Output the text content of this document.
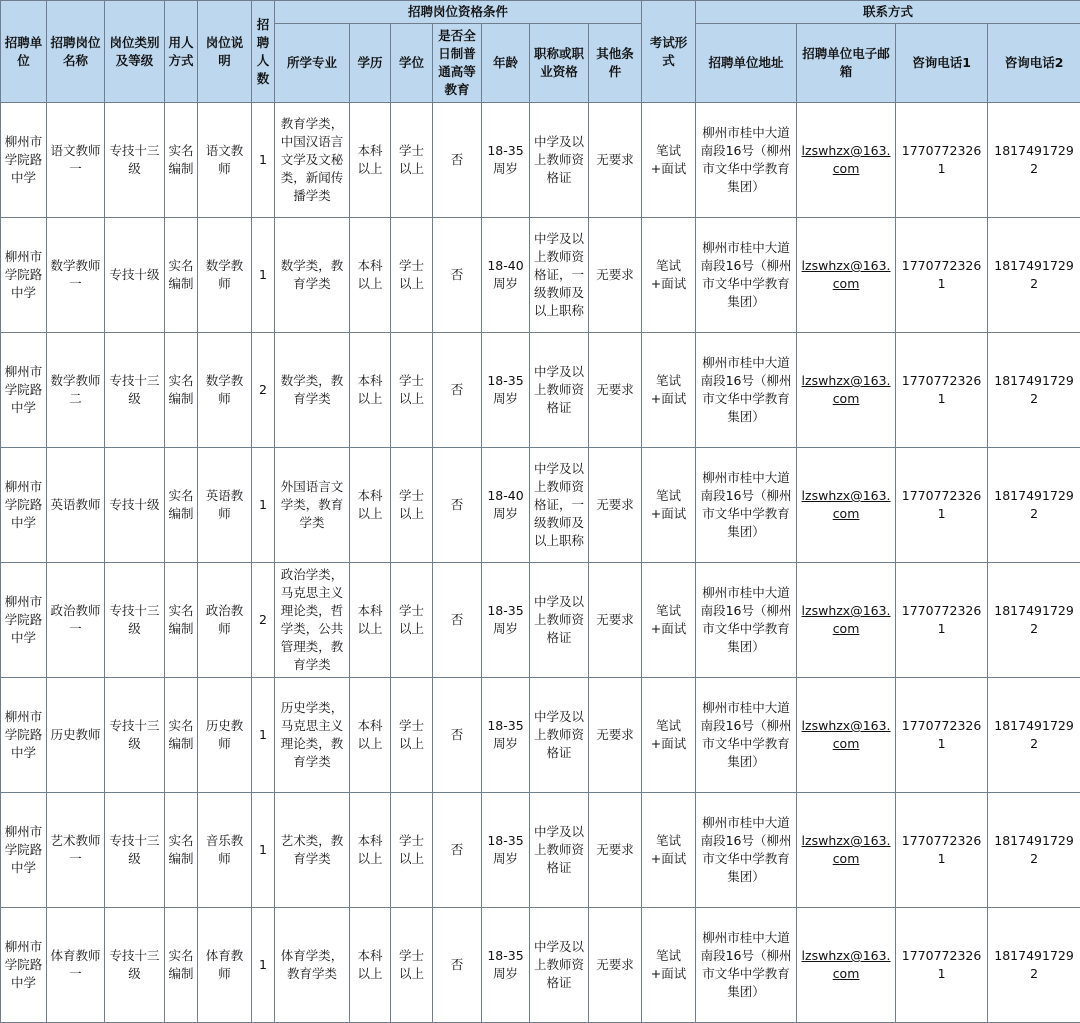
招聘单位	招聘岗位名称	岗位类别及等级	用人方式	岗位说明	招聘人数	招聘岗位资格条件							考试形式	联系方式			
						所学专业	学历	学位	是否全日制普通高等教育	年龄	职称或职业资格	其他条件		招聘单位地址	招聘单位电子邮箱	咨询电话1	咨询电话2
柳州市学院路中学	语文教师一	专技十三级	实名编制	语文教师	1	教育学类，中国汉语言文学及文秘类，新闻传播学类	本科以上	学士以上	否	18-35周岁	中学及以上教师资格证	无要求	笔试+面试	柳州市桂中大道南段16号（柳州市文华中学教育集团）	lzswhzx@163.com	17707723261	18174917292
柳州市学院路中学	数学教师一	专技十级	实名编制	数学教师	1	数学类，教育学类	本科以上	学士以上	否	18-40周岁	中学及以上教师资格证，一级教师及以上职称	无要求	笔试+面试	柳州市桂中大道南段16号（柳州市文华中学教育集团）	lzswhzx@163.com	17707723261	18174917292
柳州市学院路中学	数学教师二	专技十三级	实名编制	数学教师	2	数学类，教育学类	本科以上	学士以上	否	18-35周岁	中学及以上教师资格证	无要求	笔试+面试	柳州市桂中大道南段16号（柳州市文华中学教育集团）	lzswhzx@163.com	17707723261	18174917292
柳州市学院路中学	英语教师	专技十级	实名编制	英语教师	1	外国语言文学类，教育学类	本科以上	学士以上	否	18-40周岁	中学及以上教师资格证，一级教师及以上职称	无要求	笔试+面试	柳州市桂中大道南段16号（柳州市文华中学教育集团）	lzswhzx@163.com	17707723261	18174917292
柳州市学院路中学	政治教师一	专技十三级	实名编制	政治教师	2	政治学类，马克思主义理论类，哲学类，公共管理类，教育学类	本科以上	学士以上	否	18-35周岁	中学及以上教师资格证	无要求	笔试+面试	柳州市桂中大道南段16号（柳州市文华中学教育集团）	lzswhzx@163.com	17707723261	18174917292
柳州市学院路中学	历史教师	专技十三级	实名编制	历史教师	1	历史学类，马克思主义理论类，教育学类	本科以上	学士以上	否	18-35周岁	中学及以上教师资格证	无要求	笔试+面试	柳州市桂中大道南段16号（柳州市文华中学教育集团）	lzswhzx@163.com	17707723261	18174917292
柳州市学院路中学	艺术教师一	专技十三级	实名编制	音乐教师	1	艺术类，教育学类	本科以上	学士以上	否	18-35周岁	中学及以上教师资格证	无要求	笔试+面试	柳州市桂中大道南段16号（柳州市文华中学教育集团）	lzswhzx@163.com	17707723261	18174917292
柳州市学院路中学	体育教师一	专技十三级	实名编制	体育教师	1	体育学类，教育学类	本科以上	学士以上	否	18-35周岁	中学及以上教师资格证	无要求	笔试+面试	柳州市桂中大道南段16号（柳州市文华中学教育集团）	lzswhzx@163.com	17707723261	18174917292
